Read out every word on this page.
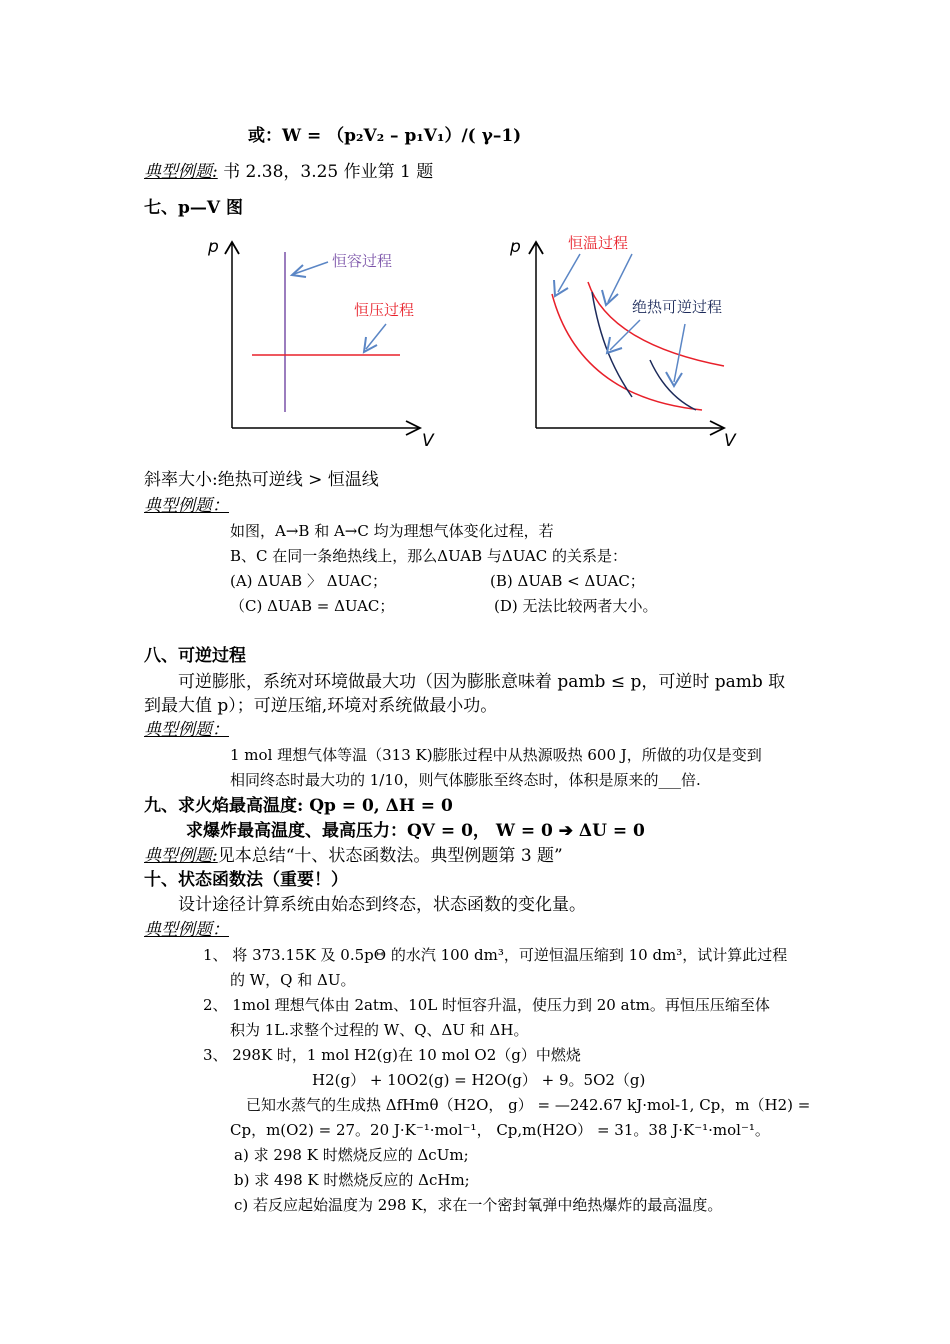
或：W = （p₂V₂ – p₁V₁）/( γ–1)
典型例题: 书 2.38，3.25 作业第 1 题
七、p—V 图
p
V
恒容过程
恒压过程
p
V
恒温过程
绝热可逆过程
斜率大小:绝热可逆线 > 恒温线
典型例题：
如图，A→B 和 A→C 均为理想气体变化过程，若
B、C 在同一条绝热线上，那么ΔUAB 与ΔUAC 的关系是：
(A) ΔUAB 〉 ΔUAC；	(B) ΔUAB < ΔUAC；
（C) ΔUAB = ΔUAC；	(D) 无法比较两者大小。
八、可逆过程
可逆膨胀，系统对环境做最大功（因为膨胀意味着 pamb ≤ p，可逆时 pamb 取
到最大值 p）；可逆压缩,环境对系统做最小功。
典型例题：
1 mol 理想气体等温（313 K)膨胀过程中从热源吸热 600 J，所做的功仅是变到
相同终态时最大功的 1/10，则气体膨胀至终态时，体积是原来的___倍.
九、求火焰最高温度: Qp = 0, ΔH = 0
求爆炸最高温度、最高压力：QV = 0， W = 0 ➔ ΔU = 0
典型例题:见本总结“十、状态函数法。典型例题第 3 题”
十、状态函数法（重要！）
设计途径计算系统由始态到终态，状态函数的变化量。
典型例题：
1、 将 373.15K 及 0.5pΘ 的水汽 100 dm³，可逆恒温压缩到 10 dm³，试计算此过程
的 W，Q 和 ΔU。
2、 1mol 理想气体由 2atm、10L 时恒容升温，使压力到 20 atm。再恒压压缩至体
积为 1L.求整个过程的 W、Q、ΔU 和 ΔH。
3、 298K 时，1 mol H2(g)在 10 mol O2（g）中燃烧
H2(g） + 10O2(g) = H2O(g） + 9。5O2（g)
已知水蒸气的生成热 ΔfHmθ（H2O， g） = —242.67 kJ·mol-1, Cp，m（H2) =
Cp，m(O2) = 27。20 J·K⁻¹·mol⁻¹， Cp,m(H2O） = 31。38 J·K⁻¹·mol⁻¹。
a) 求 298 K 时燃烧反应的 ΔcUm;
b) 求 498 K 时燃烧反应的 ΔcHm;
c) 若反应起始温度为 298 K，求在一个密封氧弹中绝热爆炸的最高温度。
